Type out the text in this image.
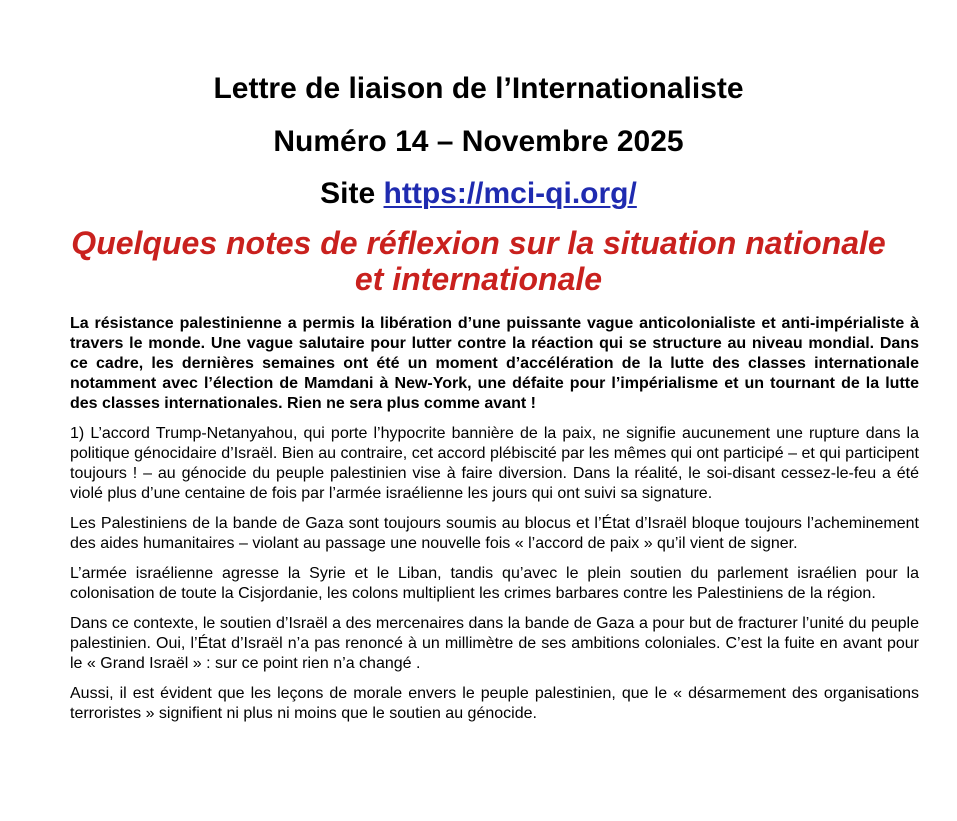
Lettre de liaison de l’Internationaliste
Numéro 14 – Novembre 2025
Site https://mci-qi.org/
Quelques notes de réflexion sur la situation nationale et internationale

La résistance palestinienne a permis la libération d’une puissante vague anticolonialiste et anti-impérialiste à travers le monde. Une vague salutaire pour lutter contre la réaction qui se structure au niveau mondial. Dans ce cadre, les dernières semaines ont été un moment d’accélération de la lutte des classes internationale notamment avec l’élection de Mamdani à New-York, une défaite pour l’impérialisme et un tournant de la lutte des classes internationales. Rien ne sera plus comme avant !

1) L’accord Trump-Netanyahou, qui porte l’hypocrite bannière de la paix, ne signifie aucunement une rupture dans la politique génocidaire d’Israël. Bien au contraire, cet accord plébiscité par les mêmes qui ont participé – et qui participent toujours ! – au génocide du peuple palestinien vise à faire diversion. Dans la réalité, le soi-disant cessez-le-feu a été violé plus d’une centaine de fois par l’armée israélienne les jours qui ont suivi sa signature.

Les Palestiniens de la bande de Gaza sont toujours soumis au blocus et l’État d’Israël bloque toujours l’acheminement des aides humanitaires – violant au passage une nouvelle fois « l’accord de paix » qu’il vient de signer.

L’armée israélienne agresse la Syrie et le Liban, tandis qu’avec le plein soutien du parlement israélien pour la colonisation de toute la Cisjordanie, les colons multiplient les crimes barbares contre les Palestiniens de la région.

Dans ce contexte, le soutien d’Israël a des mercenaires dans la bande de Gaza a pour but de fracturer l’unité du peuple palestinien. Oui, l’État d’Israël n’a pas renoncé à un millimètre de ses ambitions coloniales. C’est la fuite en avant pour le « Grand Israël » : sur ce point rien n’a changé .

Aussi, il est évident que les leçons de morale envers le peuple palestinien, que le « désarmement des organisations terroristes » signifient ni plus ni moins que le soutien au génocide.
